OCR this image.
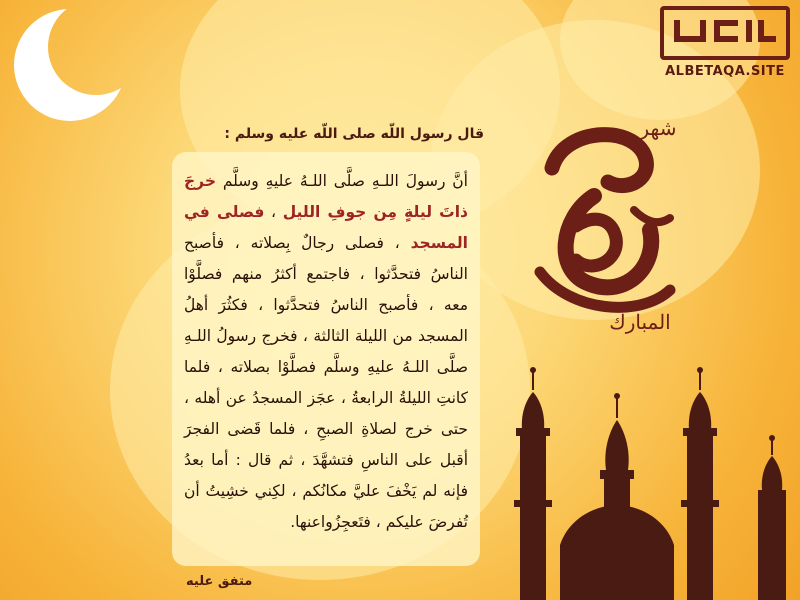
ALBETAQA.SITE
قال رسول اللّه صلى اللّه عليه وسلم :

أنَّ رسولَ اللـهِ صلَّى اللـهُ عليهِ وسلَّم خرجَ ذاتَ ليلةٍ مِن جوفِ الليل ، فصلى في المسجد ، فصلى رجالٌ بِصلاته ، فأصبح الناسُ فتحدَّثوا ، فاجتمع أكثرُ منهم فصلَّوْا معه ، فأصبح الناسُ فتحدَّثوا ، فكثُرَ أهلُ المسجد من الليلة الثالثة ، فخرج رسولُ اللـهِ صلَّى اللـهُ عليهِ وسلَّم فصلَّوْا بصلاته ، فلما كانتِ الليلةُ الرابعةُ ، عجَز المسجدُ عن أهله ، حتى خرج لصلاةِ الصبحِ ، فلما قَضى الفجرَ أقبل على الناسِ فتشهَّدَ ، ثم قال : أما بعدُ فإنه لم يَخْفَ عليَّ مكانُكم ، لكِني خشِيتُ أن تُفرضَ عليكم ، فتَعجِزُواعنها.

متفق عليه
شهر
المبارك
